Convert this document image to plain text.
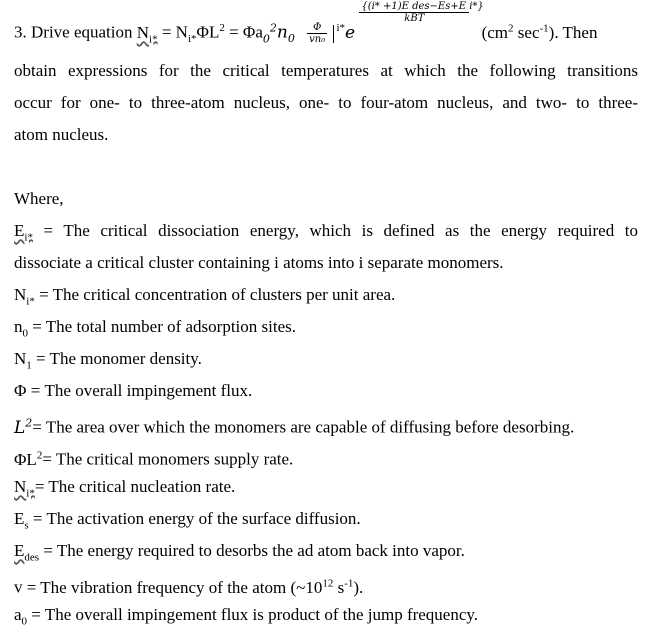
3. Drive equation $N_{i*} = N_{i*}\Phi L^2 = \Phi a_0^2n_0 \frac{\Phi}{\text{vn₀}} ^{i*}e$
{(i* +1)E des−Es+E i*}
kBT
($cm^2$ $\sec^{-1}$). Then
obtain expressions for the critical temperatures at which the following transitions
occur for one- to three-atom nucleus, one- to four-atom nucleus, and two- to three-
atom nucleus.
Where,
$E_{i*}$ = The critical dissociation energy, which is defined as the energy required to
dissociate a critical cluster containing i atoms into i separate monomers.
$N_{i*}$ = The critical concentration of clusters per unit area.
$n_0$ = The total number of adsorption sites.
$N_1$ = The monomer density.
Φ = The overall impingement flux.
$L^2=$ The area over which the monomers are capable of diffusing before desorbing.
$\Phi L^2=$ The critical monomers supply rate.
$N_{i*}=$ The critical nucleation rate.
$E_s$ = The activation energy of the surface diffusion.
$E_{des}$ = The energy required to desorbs the ad atom back into vapor.
v = The vibration frequency of the atom ($\sim 10^{12}$ $s^{-1}$).
$a_0$ = The overall impingement flux is product of the jump frequency.
